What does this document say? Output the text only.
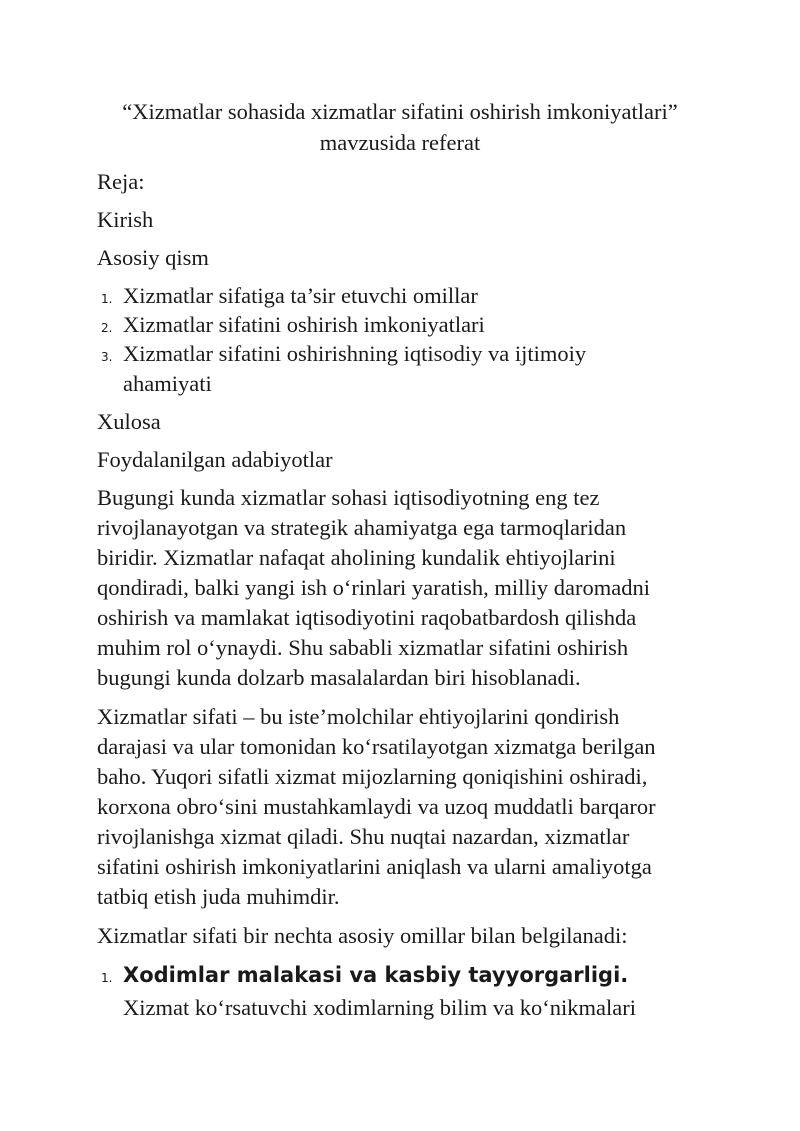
“Xizmatlar sohasida xizmatlar sifatini oshirish imkoniyatlari”
mavzusida referat
Reja:
Kirish
Asosiy qism
1. Xizmatlar sifatiga ta’sir etuvchi omillar
2. Xizmatlar sifatini oshirish imkoniyatlari
3. Xizmatlar sifatini oshirishning iqtisodiy va ijtimoiy
ahamiyati
Xulosa
Foydalanilgan adabiyotlar
Bugungi kunda xizmatlar sohasi iqtisodiyotning eng tez
rivojlanayotgan va strategik ahamiyatga ega tarmoqlaridan
biridir. Xizmatlar nafaqat aholining kundalik ehtiyojlarini
qondiradi, balki yangi ish o‘rinlari yaratish, milliy daromadni
oshirish va mamlakat iqtisodiyotini raqobatbardosh qilishda
muhim rol o‘ynaydi. Shu sababli xizmatlar sifatini oshirish
bugungi kunda dolzarb masalalardan biri hisoblanadi.
Xizmatlar sifati – bu iste’molchilar ehtiyojlarini qondirish
darajasi va ular tomonidan ko‘rsatilayotgan xizmatga berilgan
baho. Yuqori sifatli xizmat mijozlarning qoniqishini oshiradi,
korxona obro‘sini mustahkamlaydi va uzoq muddatli barqaror
rivojlanishga xizmat qiladi. Shu nuqtai nazardan, xizmatlar
sifatini oshirish imkoniyatlarini aniqlash va ularni amaliyotga
tatbiq etish juda muhimdir.
Xizmatlar sifati bir nechta asosiy omillar bilan belgilanadi:
1. Xodimlar malakasi va kasbiy tayyorgarligi.
Xizmat ko‘rsatuvchi xodimlarning bilim va ko‘nikmalari
